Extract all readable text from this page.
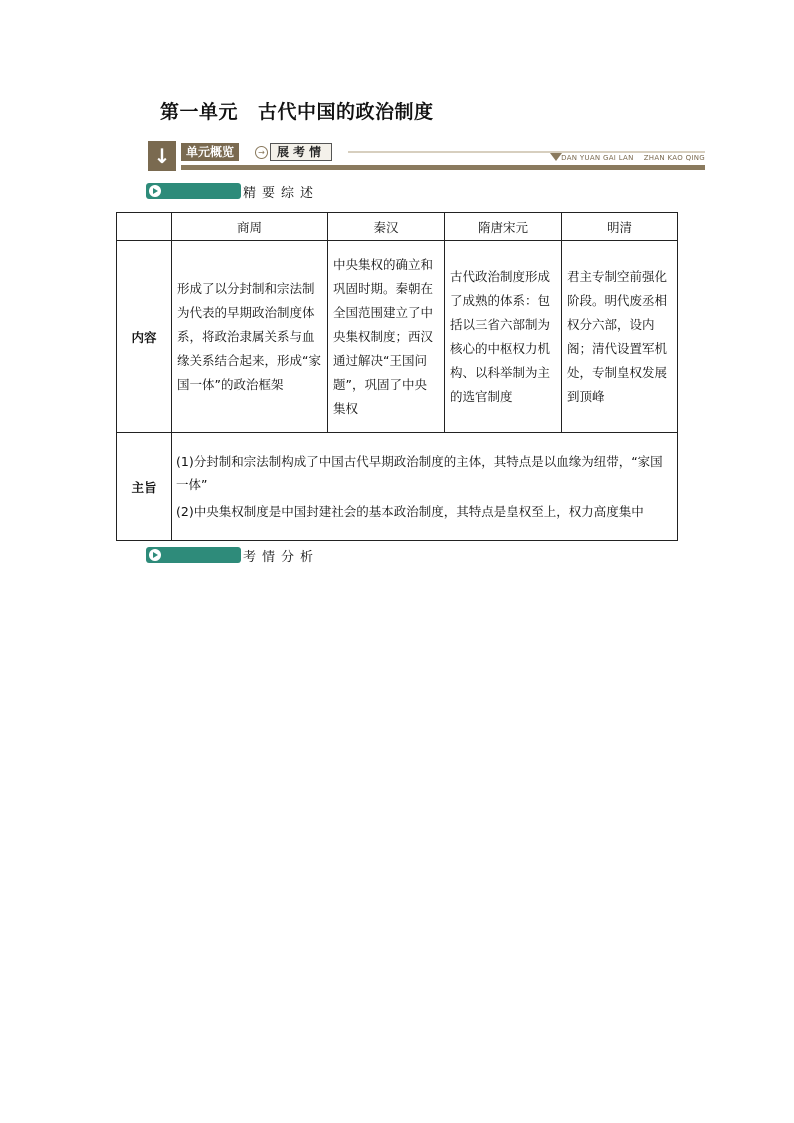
第一单元 古代中国的政治制度
↓	单元概览	→	展考情	DAN YUAN GAI LAN ZHAN KAO QING
精要综述
	商周	秦汉	隋唐宋元	明清
内容	形成了以分封制和宗法制为代表的早期政治制度体系，将政治隶属关系与血缘关系结合起来，形成“家国一体”的政治框架	中央集权的确立和巩固时期。秦朝在全国范围建立了中央集权制度；西汉通过解决“王国问题”，巩固了中央集权	古代政治制度形成了成熟的体系：包括以三省六部制为核心的中枢权力机构、以科举制为主的选官制度	君主专制空前强化阶段。明代废丞相权分六部，设内阁；清代设置军机处，专制皇权发展到顶峰

主旨	(1)分封制和宗法制构成了中国古代早期政治制度的主体，其特点是以血缘为纽带，“家国一体”
(2)中央集权制度是中国封建社会的基本政治制度，其特点是皇权至上，权力高度集中			
考情分析
